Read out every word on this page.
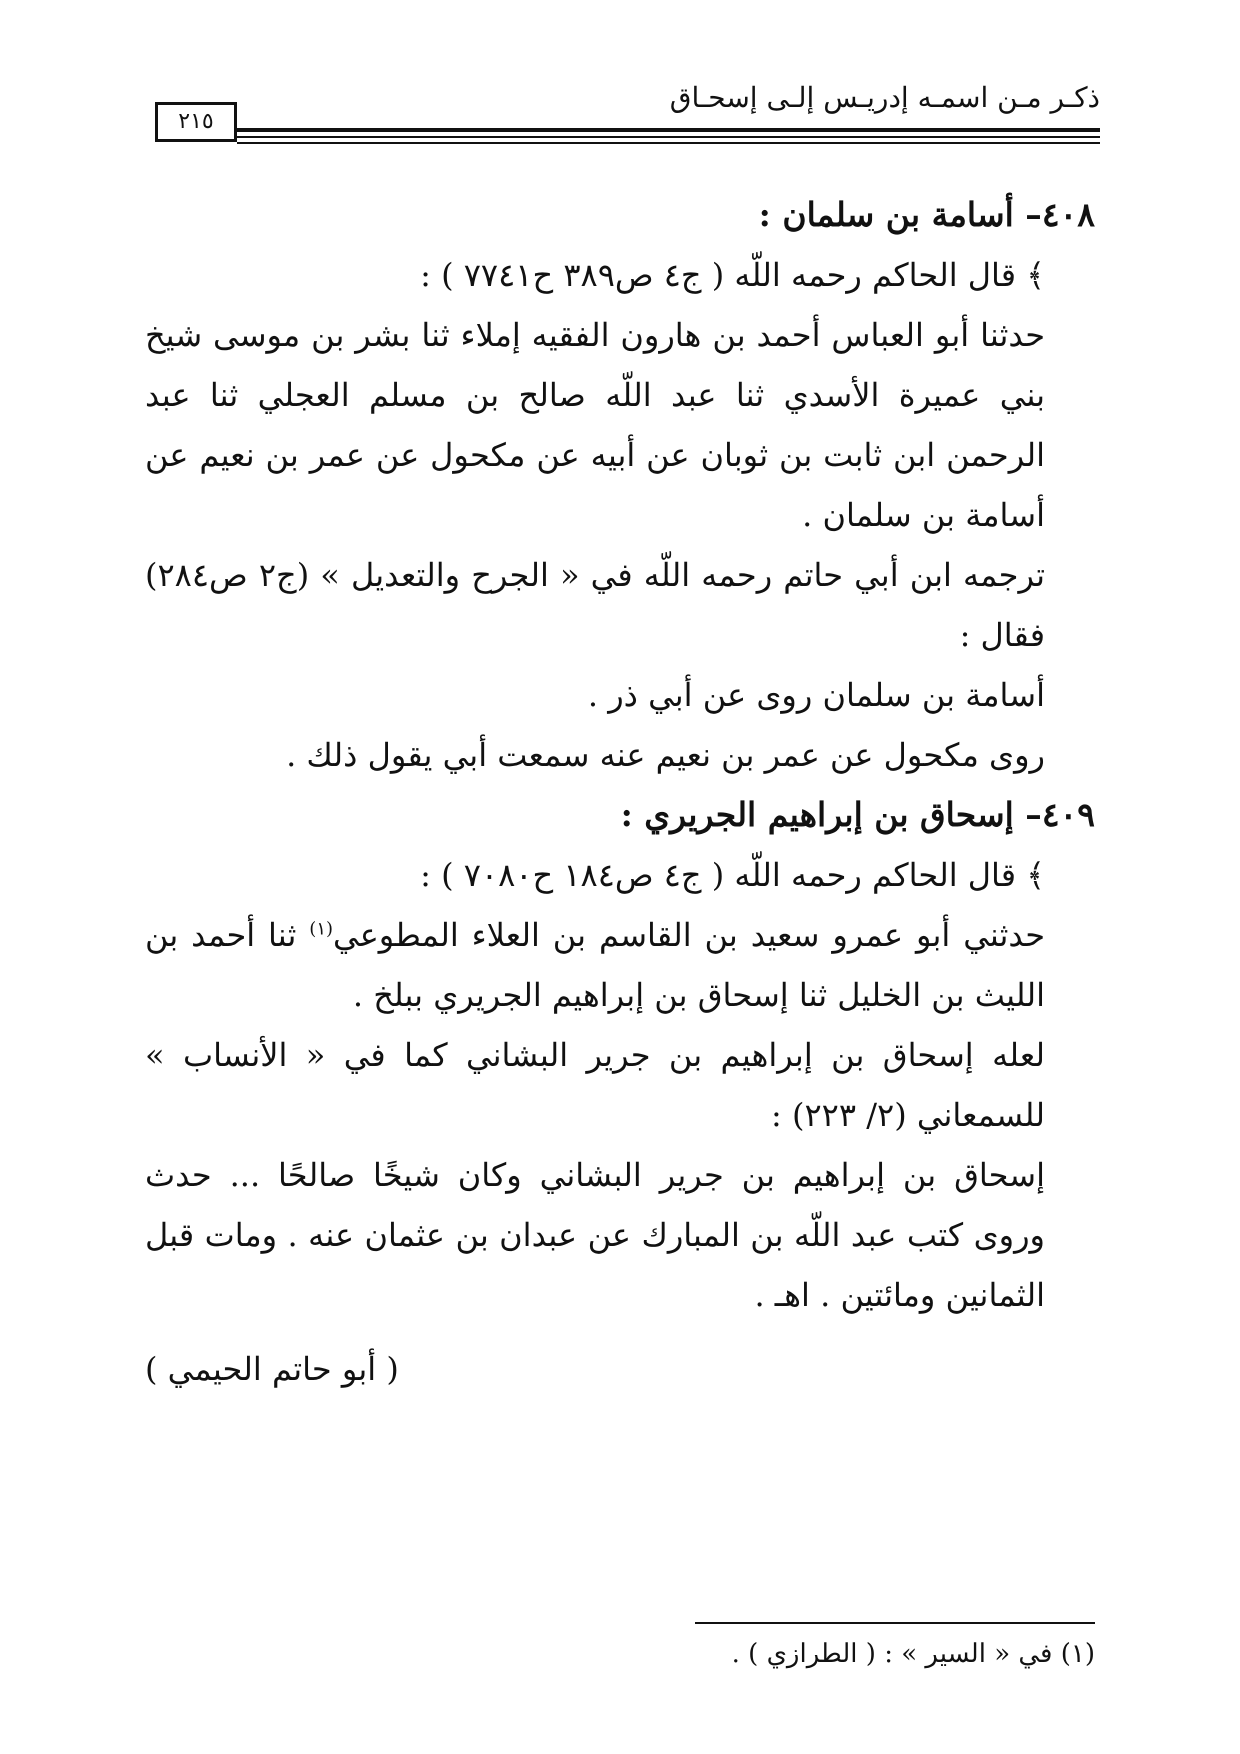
ذكـر مـن اسمـه إدريـس إلـى إسحـاق
٢١٥

٤٠٨– أسامة بن سلمان :

﴾ قال الحاكم رحمه اللّه ( ج٤ ص٣٨٩ ح٧٧٤١ ) :

حدثنا أبو العباس أحمد بن هارون الفقيه إملاء ثنا بشر بن موسى شيخ بني عميرة الأسدي ثنا عبد اللّه صالح بن مسلم العجلي ثنا عبد الرحمن ابن ثابت بن ثوبان عن أبيه عن مكحول عن عمر بن نعيم عن أسامة بن سلمان .

ترجمه ابن أبي حاتم رحمه اللّه في « الجرح والتعديل » (ج٢ ص٢٨٤) فقال :

أسامة بن سلمان روى عن أبي ذر .

روى مكحول عن عمر بن نعيم عنه سمعت أبي يقول ذلك .

٤٠٩– إسحاق بن إبراهيم الجريري :

﴾ قال الحاكم رحمه اللّه ( ج٤ ص١٨٤ ح٧٠٨٠ ) :

حدثني أبو عمرو سعيد بن القاسم بن العلاء المطوعي$^{(١)}$ ثنا أحمد بن الليث بن الخليل ثنا إسحاق بن إبراهيم الجريري ببلخ .

لعله إسحاق بن إبراهيم بن جرير البشاني كما في « الأنساب » للسمعاني (٢/ ٢٢٣) :

إسحاق بن إبراهيم بن جرير البشاني وكان شيخًا صالحًا ... حدث وروى كتب عبد اللّه بن المبارك عن عبدان بن عثمان عنه . ومات قبل الثمانين ومائتين . اهـ .

( أبو حاتم الحيمي )

(١) في « السير » : ( الطرازي ) .
